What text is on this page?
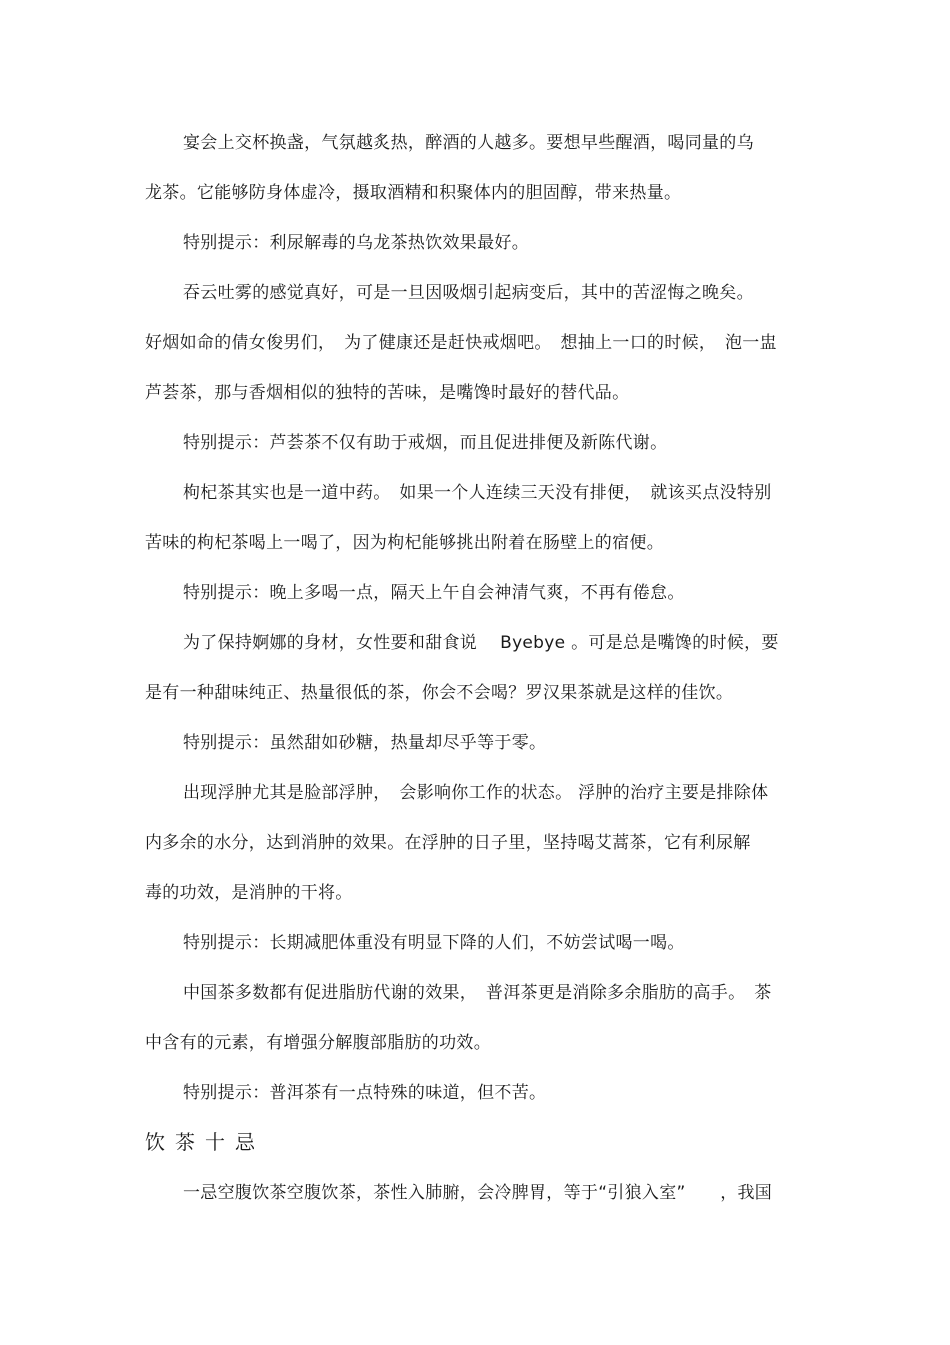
宴会上交杯换盏，气氛越炙热，醉酒的人越多。要想早些醒酒，喝同量的乌
龙茶。它能够防身体虚冷，摄取酒精和积聚体内的胆固醇，带来热量。
特别提示：利尿解毒的乌龙茶热饮效果最好。
吞云吐雾的感觉真好，可是一旦因吸烟引起病变后，其中的苦涩悔之晚矣。
好烟如命的倩女俊男们，　为了健康还是赶快戒烟吧。　想抽上一口的时候，　泡一盅
芦荟茶，那与香烟相似的独特的苦味，是嘴馋时最好的替代品。
特别提示：芦荟茶不仅有助于戒烟，而且促进排便及新陈代谢。
枸杞茶其实也是一道中药。　如果一个人连续三天没有排便，　就该买点没特别
苦味的枸杞茶喝上一喝了，因为枸杞能够挑出附着在肠壁上的宿便。
特别提示：晚上多喝一点，隔天上午自会神清气爽，不再有倦怠。
为了保持婀娜的身材，女性要和甜食说　 Byebye 。可是总是嘴馋的时候，要
是有一种甜味纯正、热量很低的茶，你会不会喝？罗汉果茶就是这样的佳饮。
特别提示：虽然甜如砂糖，热量却尽乎等于零。
出现浮肿尤其是脸部浮肿，　会影响你工作的状态。 浮肿的治疗主要是排除体
内多余的水分，达到消肿的效果。在浮肿的日子里，坚持喝艾蒿茶，它有利尿解
毒的功效，是消肿的干将。
特别提示：长期减肥体重没有明显下降的人们，不妨尝试喝一喝。
中国茶多数都有促进脂肪代谢的效果，　普洱茶更是消除多余脂肪的高手。　茶
中含有的元素，有增强分解腹部脂肪的功效。
特别提示：普洱茶有一点特殊的味道，但不苦。
饮茶十忌
一忌空腹饮茶空腹饮茶，茶性入肺腑，会冷脾胃，等于“引狼入室”　　，我国
